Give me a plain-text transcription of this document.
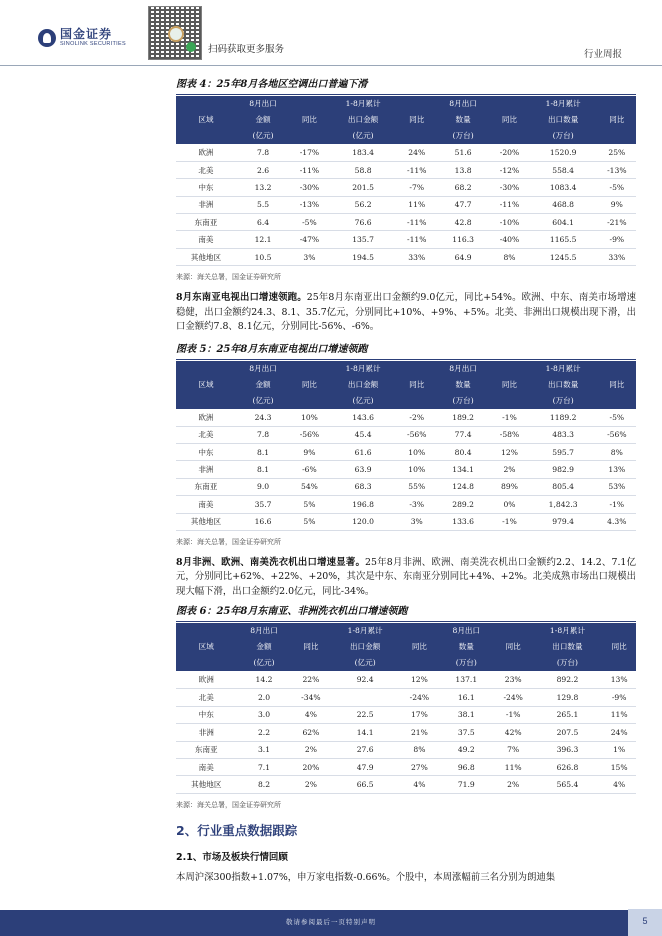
国金证券
SINOLINK SECURITIES	扫码获取更多服务	行业周报
图表 4：25年8月各地区空调出口普遍下滑
	8月出口		1-8月累计		8月出口		1-8月累计	
区域	金额	同比	出口金额	同比	数量	同比	出口数量	同比
	(亿元)		(亿元)		(万台)		(万台)	
欧洲	7.8	-17%	183.4	24%	51.6	-20%	1520.9	25%
北美	2.6	-11%	58.8	-11%	13.8	-12%	558.4	-13%
中东	13.2	-30%	201.5	-7%	68.2	-30%	1083.4	-5%
非洲	5.5	-13%	56.2	11%	47.7	-11%	468.8	9%
东南亚	6.4	-5%	76.6	-11%	42.8	-10%	604.1	-21%
南美	12.1	-47%	135.7	-11%	116.3	-40%	1165.5	-9%
其他地区	10.5	3%	194.5	33%	64.9	8%	1245.5	33%
来源：海关总署，国金证券研究所

8月东南亚电视出口增速领跑。25年8月东南亚出口金额约9.0亿元，同比+54%。欧洲、中东、南美市场增速稳健，出口金额约24.3、8.1、35.7亿元，分别同比+10%、+9%、+5%。北美、非洲出口规模出现下滑，出口金额约7.8、8.1亿元，分别同比-56%、-6%。

图表 5：25年8月东南亚电视出口增速领跑
	8月出口		1-8月累计		8月出口		1-8月累计	
区域	金额	同比	出口金额	同比	数量	同比	出口数量	同比
	(亿元)		(亿元)		(万台)		(万台)	
欧洲	24.3	10%	143.6	-2%	189.2	-1%	1189.2	-5%
北美	7.8	-56%	45.4	-56%	77.4	-58%	483.3	-56%
中东	8.1	9%	61.6	10%	80.4	12%	595.7	8%
非洲	8.1	-6%	63.9	10%	134.1	2%	982.9	13%
东南亚	9.0	54%	68.3	55%	124.8	89%	805.4	53%
南美	35.7	5%	196.8	-3%	289.2	0%	1,842.3	-1%
其他地区	16.6	5%	120.0	3%	133.6	-1%	979.4	4.3%
来源：海关总署，国金证券研究所

8月非洲、欧洲、南美洗衣机出口增速显著。25年8月非洲、欧洲、南美洗衣机出口金额约2.2、14.2、7.1亿元，分别同比+62%、+22%、+20%，其次是中东、东南亚分别同比+4%、+2%。北美成熟市场出口规模出现大幅下滑，出口金额约2.0亿元，同比-34%。

图表 6：25年8月东南亚、非洲洗衣机出口增速领跑
	8月出口		1-8月累计		8月出口		1-8月累计	
区域	金额	同比	出口金额	同比	数量	同比	出口数量	同比
	(亿元)		(亿元)		(万台)		(万台)	
欧洲	14.2	22%	92.4	12%	137.1	23%	892.2	13%
北美	2.0	-34%		-24%	16.1	-24%	129.8	-9%
中东	3.0	4%	22.5	17%	38.1	-1%	265.1	11%
非洲	2.2	62%	14.1	21%	37.5	42%	207.5	24%
东南亚	3.1	2%	27.6	8%	49.2	7%	396.3	1%
南美	7.1	20%	47.9	27%	96.8	11%	626.8	15%
其他地区	8.2	2%	66.5	4%	71.9	2%	565.4	4%
来源：海关总署，国金证券研究所
2、行业重点数据跟踪
2.1、市场及板块行情回顾

本周沪深300指数+1.07%，申万家电指数-0.66%。个股中，本周涨幅前三名分别为朗迪集

敬请参阅最后一页特别声明	5
